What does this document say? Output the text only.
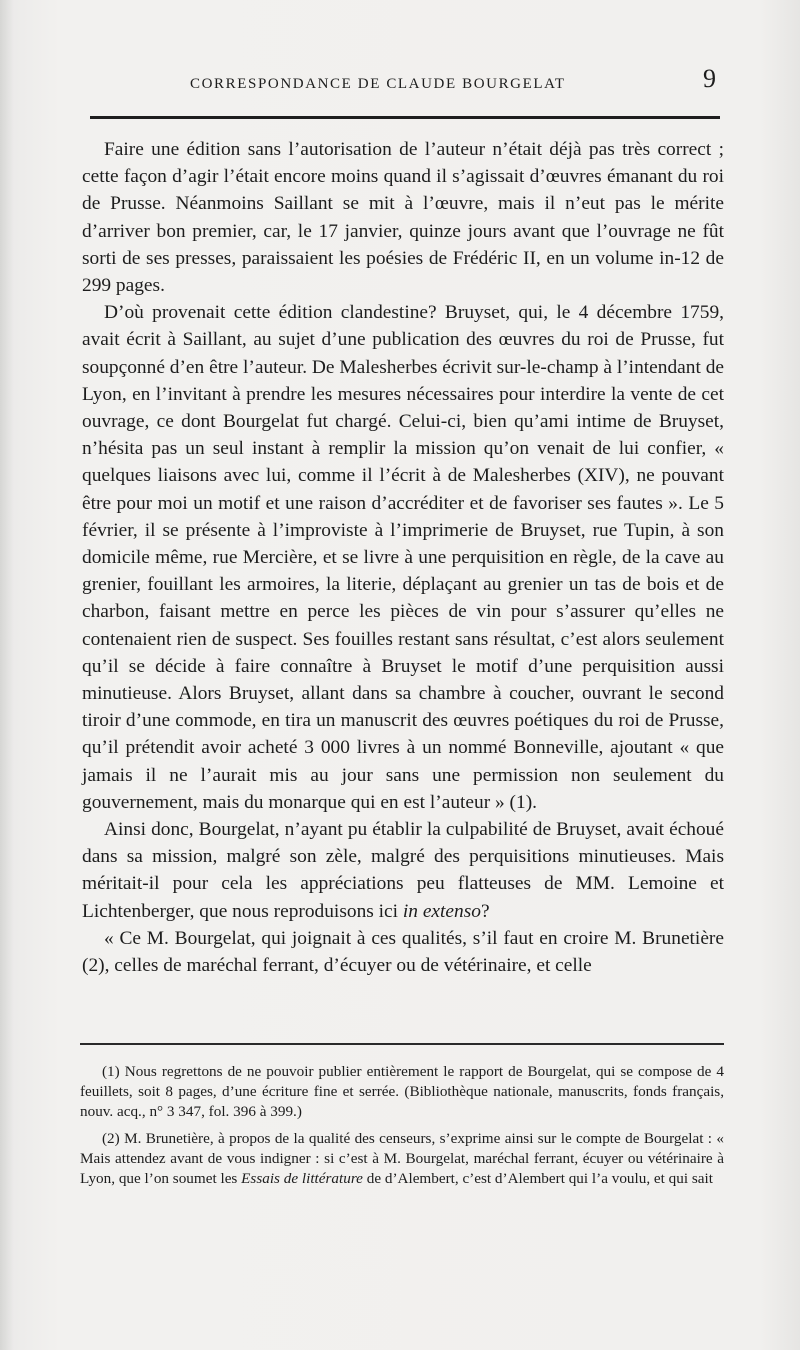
CORRESPONDANCE DE CLAUDE BOURGELAT	9

Faire une édition sans l’autorisation de l’auteur n’était déjà pas très correct ; cette façon d’agir l’était encore moins quand il s’agissait d’œuvres émanant du roi de Prusse. Néanmoins Saillant se mit à l’œuvre, mais il n’eut pas le mérite d’arriver bon premier, car, le 17 janvier, quinze jours avant que l’ouvrage ne fût sorti de ses presses, paraissaient les poésies de Frédéric II, en un volume in-12 de 299 pages.

D’où provenait cette édition clandestine? Bruyset, qui, le 4 décembre 1759, avait écrit à Saillant, au sujet d’une publication des œuvres du roi de Prusse, fut soupçonné d’en être l’auteur. De Malesherbes écrivit sur-le-champ à l’intendant de Lyon, en l’invitant à prendre les mesures nécessaires pour interdire la vente de cet ouvrage, ce dont Bourgelat fut chargé. Celui-ci, bien qu’ami intime de Bruyset, n’hésita pas un seul instant à remplir la mission qu’on venait de lui confier, « quelques liaisons avec lui, comme il l’écrit à de Malesherbes (XIV), ne pouvant être pour moi un motif et une raison d’accréditer et de favoriser ses fautes ». Le 5 février, il se présente à l’improviste à l’imprimerie de Bruyset, rue Tupin, à son domicile même, rue Mercière, et se livre à une perquisition en règle, de la cave au grenier, fouillant les armoires, la literie, déplaçant au grenier un tas de bois et de charbon, faisant mettre en perce les pièces de vin pour s’assurer qu’elles ne contenaient rien de suspect. Ses fouilles restant sans résultat, c’est alors seulement qu’il se décide à faire connaître à Bruyset le motif d’une perquisition aussi minutieuse. Alors Bruyset, allant dans sa chambre à coucher, ouvrant le second tiroir d’une commode, en tira un manuscrit des œuvres poétiques du roi de Prusse, qu’il prétendit avoir acheté 3 000 livres à un nommé Bonneville, ajoutant « que jamais il ne l’aurait mis au jour sans une permission non seulement du gouvernement, mais du monarque qui en est l’auteur » (1).

Ainsi donc, Bourgelat, n’ayant pu établir la culpabilité de Bruyset, avait échoué dans sa mission, malgré son zèle, malgré des perquisitions minutieuses. Mais méritait-il pour cela les appréciations peu flatteuses de MM. Lemoine et Lichtenberger, que nous reproduisons ici in extenso?

« Ce M. Bourgelat, qui joignait à ces qualités, s’il faut en croire M. Brunetière (2), celles de maréchal ferrant, d’écuyer ou de vétérinaire, et celle

(1) Nous regrettons de ne pouvoir publier entièrement le rapport de Bourgelat, qui se compose de 4 feuillets, soit 8 pages, d’une écriture fine et serrée. (Bibliothèque nationale, manuscrits, fonds français, nouv. acq., n° 3 347, fol. 396 à 399.)

(2) M. Brunetière, à propos de la qualité des censeurs, s’exprime ainsi sur le compte de Bourgelat : « Mais attendez avant de vous indigner : si c’est à M. Bourgelat, maréchal ferrant, écuyer ou vétérinaire à Lyon, que l’on soumet les Essais de littérature de d’Alembert, c’est d’Alembert qui l’a voulu, et qui sait
